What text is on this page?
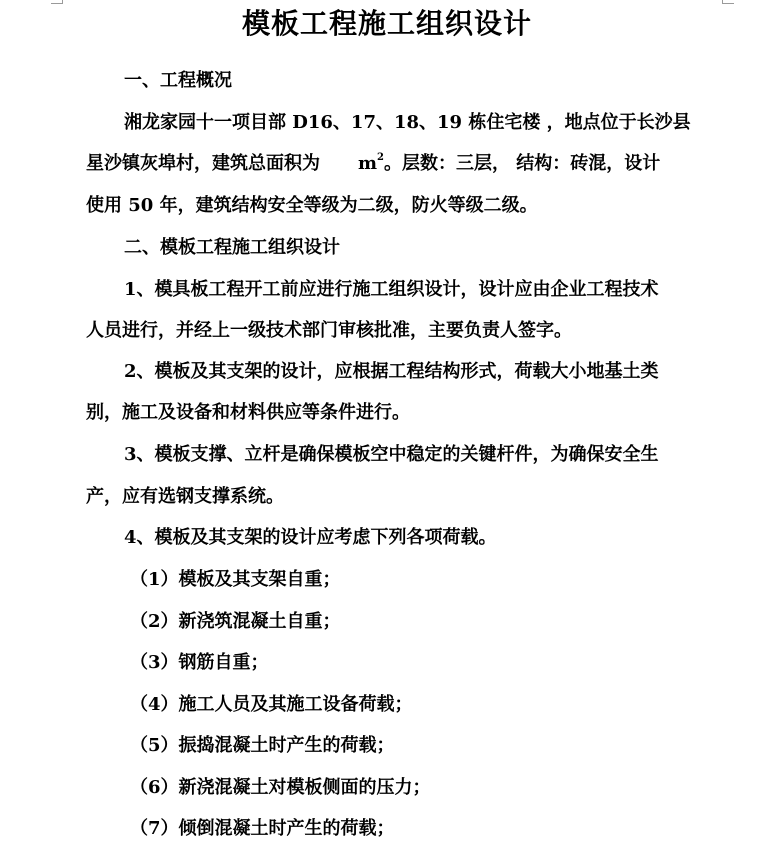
模板工程施工组织设计
一、工程概况
湘龙家园十一项目部 D16、17、18、19 栋住宅楼 ，地点位于长沙县
星沙镇灰埠村，建筑总面积为 $m^2$。层数：三层， 结构：砖混，设计
使用 50 年，建筑结构安全等级为二级，防火等级二级。
二、模板工程施工组织设计
1、模具板工程开工前应进行施工组织设计，设计应由企业工程技术
人员进行，并经上一级技术部门审核批准，主要负责人签字。
2、模板及其支架的设计，应根据工程结构形式，荷载大小地基土类
别，施工及设备和材料供应等条件进行。
3、模板支撑、立杆是确保模板空中稳定的关键杆件，为确保安全生
产，应有选钢支撑系统。
4、模板及其支架的设计应考虑下列各项荷载。
（1）模板及其支架自重；
（2）新浇筑混凝土自重；
（3）钢筋自重；
（4）施工人员及其施工设备荷载；
（5）振捣混凝土时产生的荷载；
（6）新浇混凝土对模板侧面的压力；
（7）倾倒混凝土时产生的荷载；
